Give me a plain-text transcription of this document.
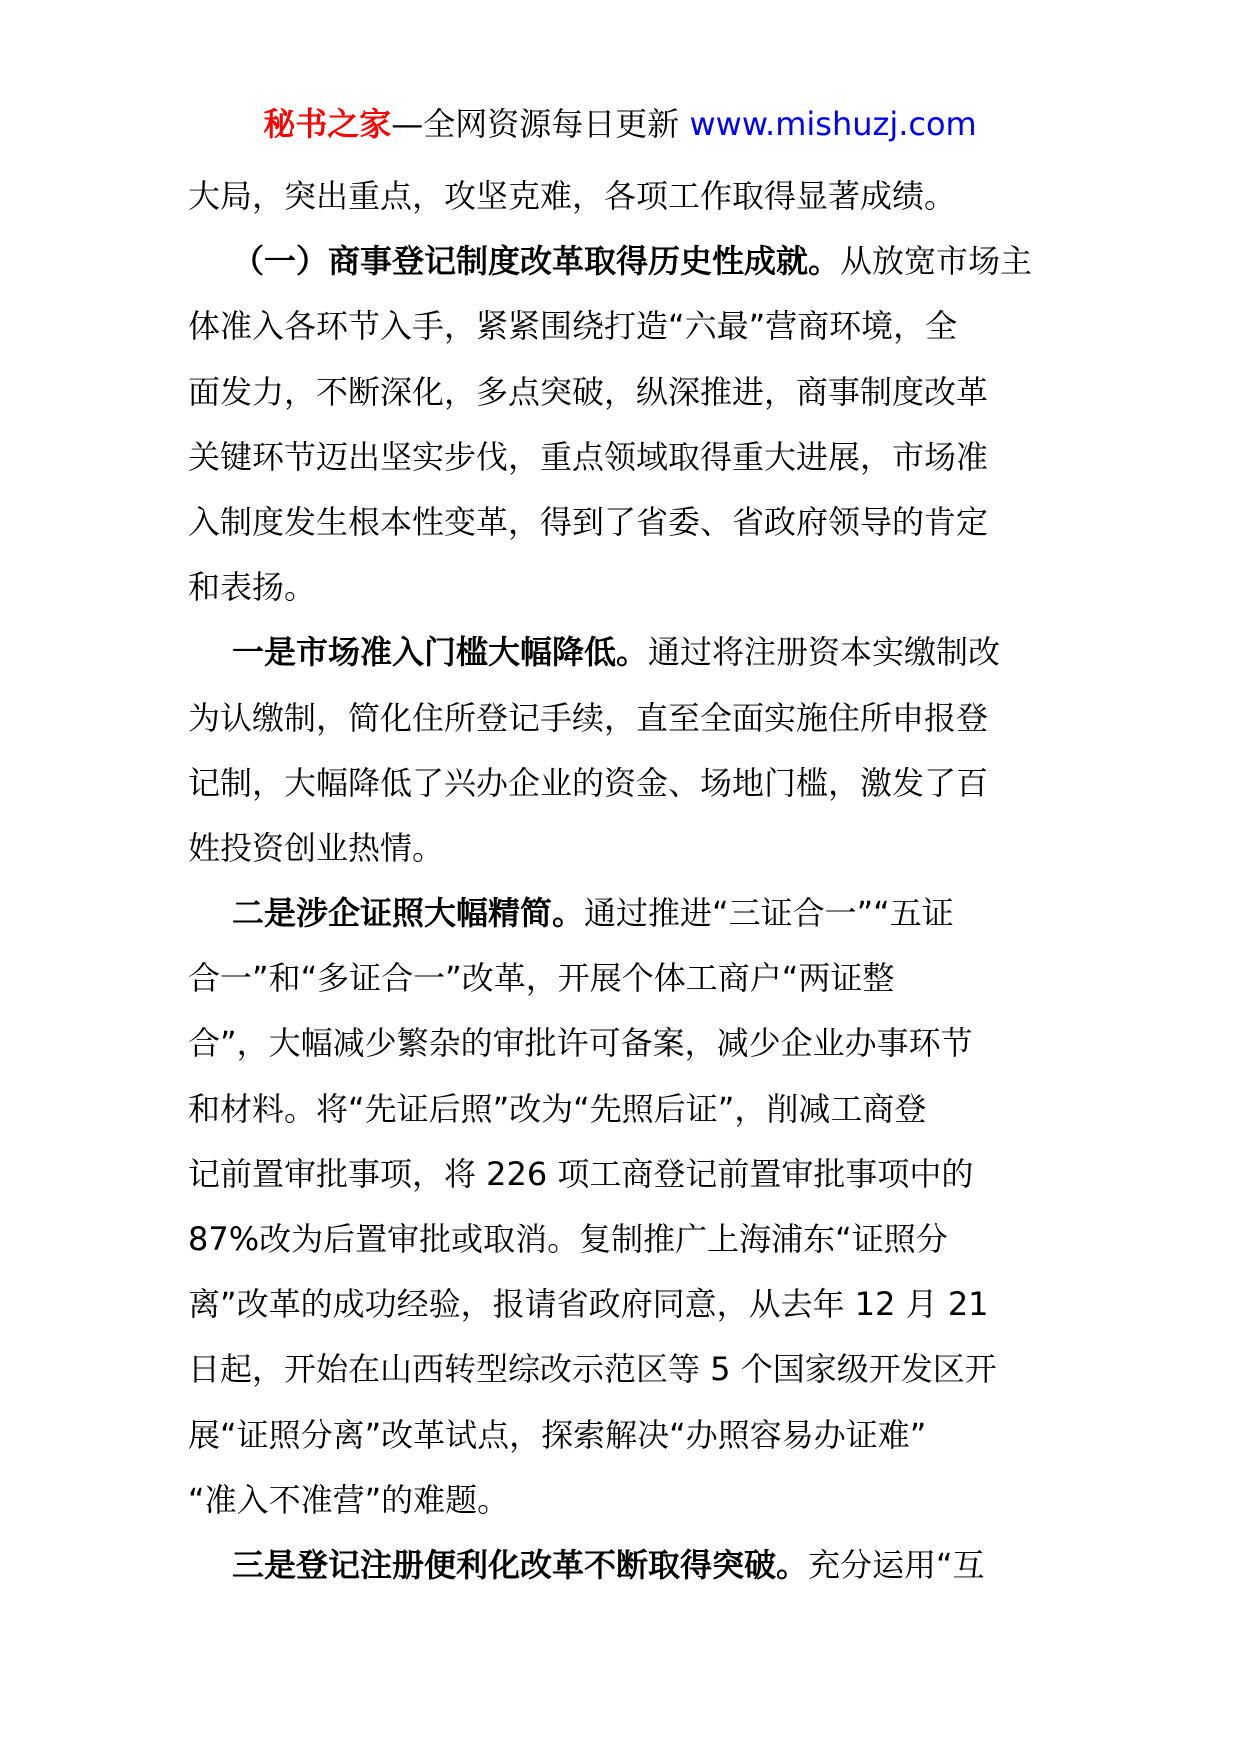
秘书之家—全网资源每日更新 www.mishuzj.com
大局，突出重点，攻坚克难，各项工作取得显著成绩。
（一）商事登记制度改革取得历史性成就。从放宽市场主
体准入各环节入手，紧紧围绕打造“六最”营商环境，全
面发力，不断深化，多点突破，纵深推进，商事制度改革
关键环节迈出坚实步伐，重点领域取得重大进展，市场准
入制度发生根本性变革，得到了省委、省政府领导的肯定
和表扬。
一是市场准入门槛大幅降低。通过将注册资本实缴制改
为认缴制，简化住所登记手续，直至全面实施住所申报登
记制，大幅降低了兴办企业的资金、场地门槛，激发了百
姓投资创业热情。
二是涉企证照大幅精简。通过推进“三证合一”“五证
合一”和“多证合一”改革，开展个体工商户“两证整
合”，大幅减少繁杂的审批许可备案，减少企业办事环节
和材料。将“先证后照”改为“先照后证”，削减工商登
记前置审批事项，将 226 项工商登记前置审批事项中的
87%改为后置审批或取消。复制推广上海浦东“证照分
离”改革的成功经验，报请省政府同意，从去年 12 月 21
日起，开始在山西转型综改示范区等 5 个国家级开发区开
展“证照分离”改革试点，探索解决“办照容易办证难”
“准入不准营”的难题。
三是登记注册便利化改革不断取得突破。充分运用“互
